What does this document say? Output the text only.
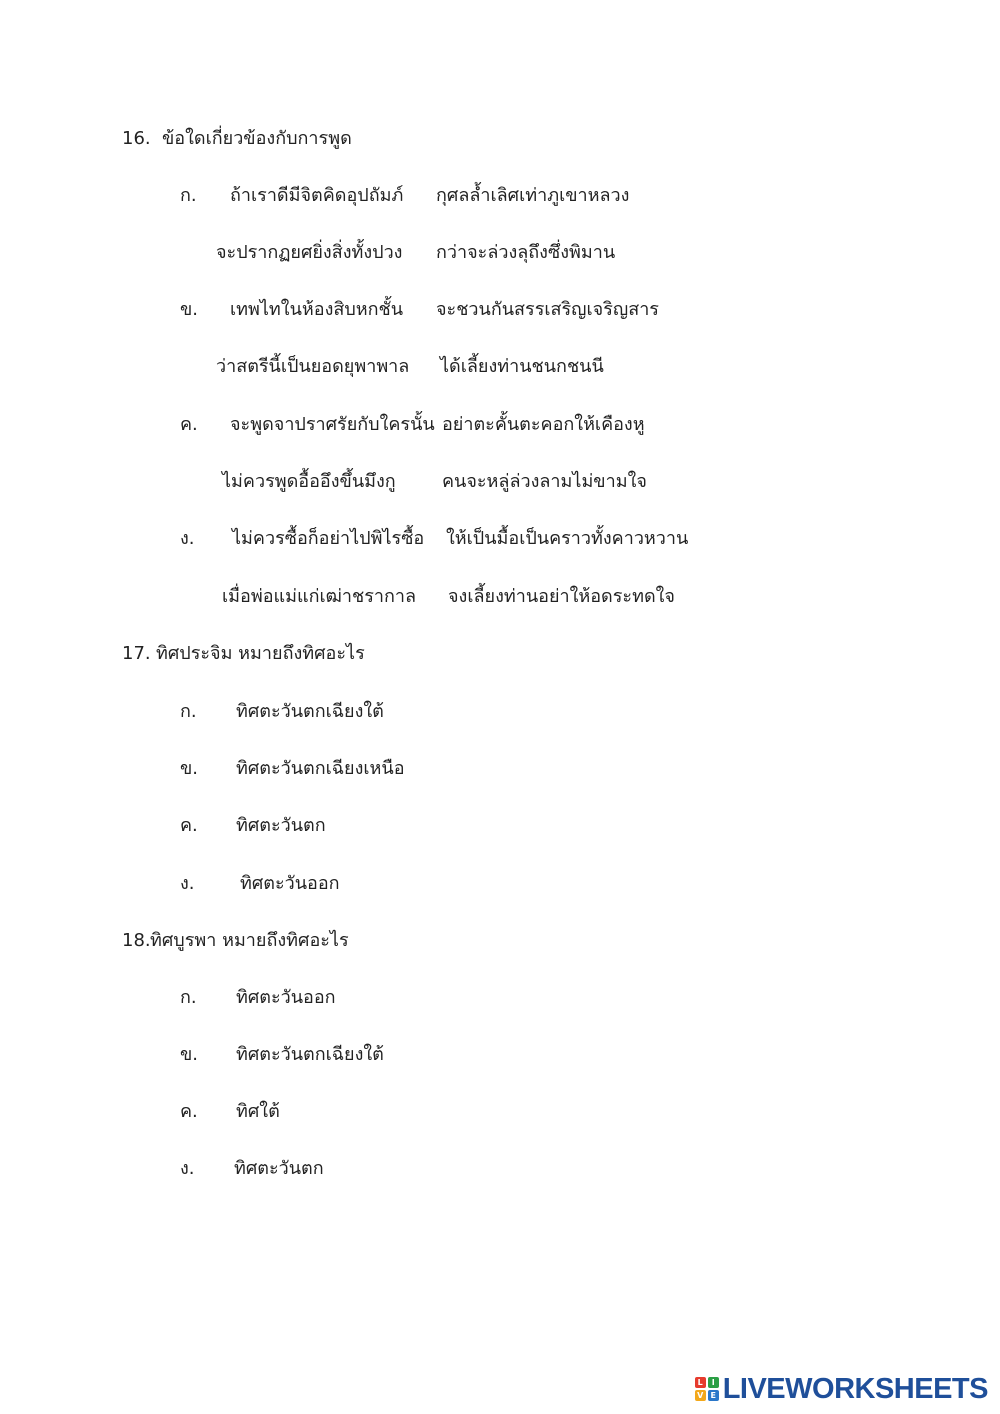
16. ข้อใดเกี่ยวข้องกับการพูด
ก. ถ้าเราดีมีจิตคิดอุปถัมภ์ กุศลล้ำเลิศเท่าภูเขาหลวง
จะปรากฏยศยิ่งสิ่งทั้งปวง กว่าจะล่วงลุถึงซึ่งพิมาน
ข. เทพไทในห้องสิบหกชั้น จะชวนกันสรรเสริญเจริญสาร
ว่าสตรีนี้เป็นยอดยุพาพาล ได้เลี้ยงท่านชนกชนนี
ค. จะพูดจาปราศรัยกับใครนั้น อย่าตะคั้นตะคอกให้เคืองหู
ไม่ควรพูดอื้ออึงขึ้นมึงกู	คนจะหลู่ล่วงลามไม่ขามใจ
ง. ไม่ควรซื้อก็อย่าไปพิไรซื้อ ให้เป็นมื้อเป็นคราวทั้งคาวหวาน
เมื่อพ่อแม่แก่เฒ่าชรากาล จงเลี้ยงท่านอย่าให้อดระทดใจ
17. ทิศประจิม หมายถึงทิศอะไร
ก. ทิศตะวันตกเฉียงใต้
ข. ทิศตะวันตกเฉียงเหนือ
ค. ทิศตะวันตก
ง.	ทิศตะวันออก
18. ทิศบูรพา หมายถึงทิศอะไร
ก. ทิศตะวันออก
ข. ทิศตะวันตกเฉียงใต้
ค. ทิศใต้
ง. ทิศตะวันตก
L	I
V E LIVEWORKSHEETS
